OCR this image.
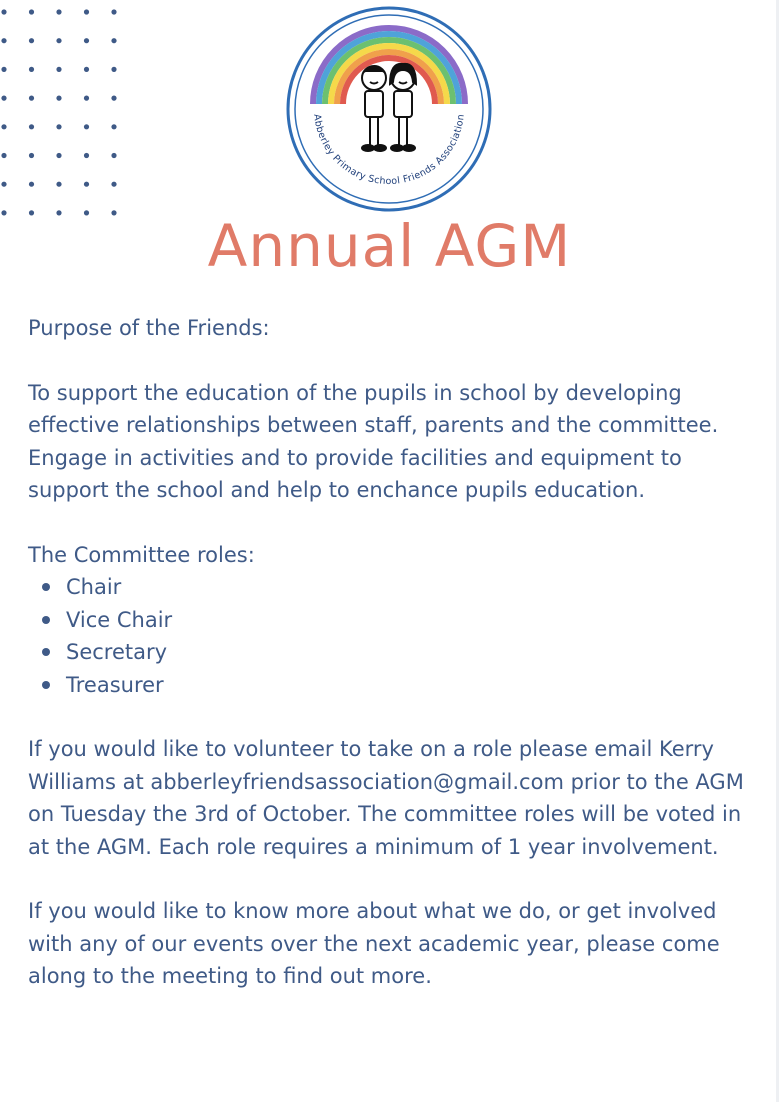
Abberley Primary School Friends Association
Annual AGM

Purpose of the Friends:

To support the education of the pupils in school by developing effective relationships between staff, parents and the committee. Engage in activities and to provide facilities and equipment to support the school and help to enchance pupils education.

The Committee roles:

Chair
Vice Chair
Secretary
Treasurer

If you would like to volunteer to take on a role please email Kerry Williams at abberleyfriendsassociation@gmail.com prior to the AGM on Tuesday the 3rd of October. The committee roles will be voted in at the AGM. Each role requires a minimum of 1 year involvement.

If you would like to know more about what we do, or get involved with any of our events over the next academic year, please come along to the meeting to find out more.
